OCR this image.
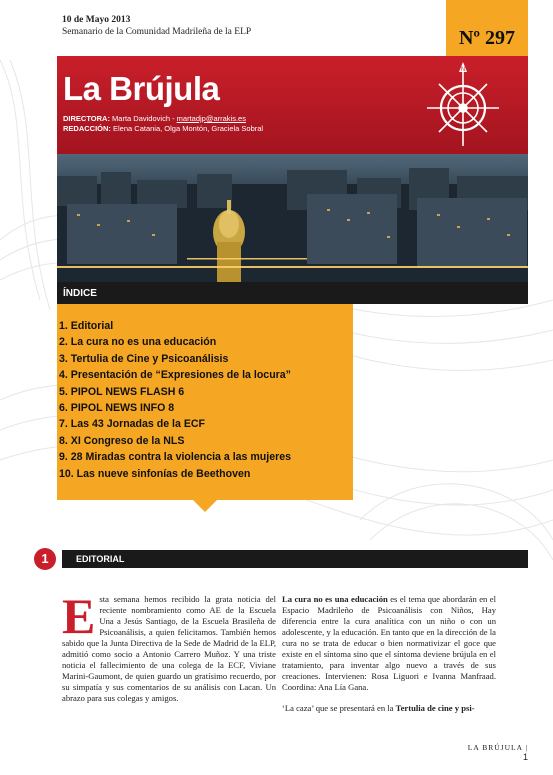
10 de Mayo 2013
Semanario de la Comunidad Madrileña de la ELP	Nº 297
La Brújula
DIRECTORA: Marta Davidovich - martadjp@arrakis.es
REDACCIÓN: Elena Catania, Olga Montón, Graciela Sobral
N
ÍNDICE
1. Editorial
2. La cura no es una educación
3. Tertulia de Cine y Psicoanálisis
4. Presentación de “Expresiones de la locura”
5. PIPOL NEWS FLASH 6
6. PIPOL NEWS INFO 8
7. Las 43 Jornadas de la ECF
8. XI Congreso de la NLS
9. 28 Miradas contra la violencia a las mujeres
10. Las nueve sinfonías de Beethoven
1	EDITORIAL
E sta semana hemos recibido la grata noticia del reciente nombramiento como AE de la Escuela Una a Jesús Santiago, de la Escuela Brasileña de Psicoanálisis, a quien felicitamos. También hemos sabido que la Junta Directiva de la Sede de Madrid de la ELP, admitió como socio a Antonio Carrero Muñoz. Y una triste noticia el fallecimiento de una colega de la ECF, Viviane Marini-Gaumont, de quien guardo un gratísimo recuerdo, por su simpatía y sus comentarios de su análisis con Lacan. Un abrazo para sus colegas y amigos.

La cura no es una educación es el tema que abordarán en el Espacio Madrileño de Psicoanálisis con Niños, Hay diferencia entre la cura analítica con un niño o con un adolescente, y la educación. En tanto que en la dirección de la cura no se trata de educar o bien normativizar el goce que existe en el síntoma sino que el síntoma deviene brújula en el tratamiento, para inventar algo nuevo a través de sus creaciones. Intervienen: Rosa Liguori e Ivanna Manfraad. Coordina: Ana Lía Gana.

‘La caza’ que se presentará en la Tertulia de cine y psi-

LA BRÚJULA | 1
